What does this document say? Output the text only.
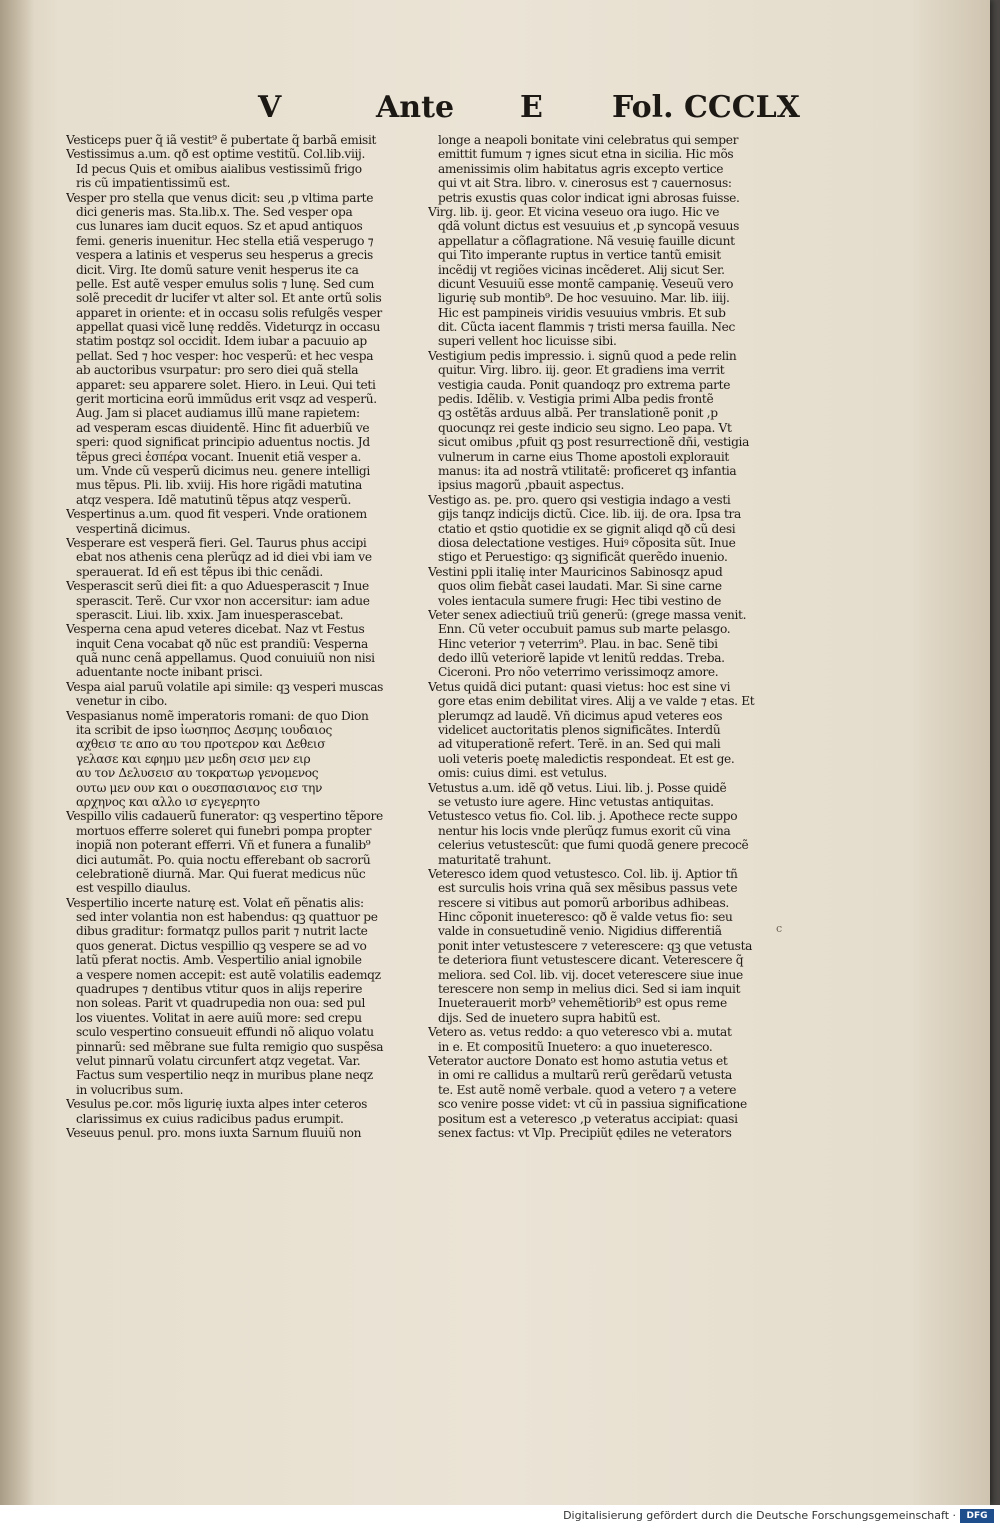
V	Ante E Fol. CCCLX
Vesticeps puer q̃ iã vestit⁹ ẽ pubertate q̃ barbã emisit
Vestissimus a.um. qð est optime vestitũ. Col.lib.viij.
Id pecus Quis et omibus aialibus vestissimũ frigo
ris cũ impatientissimũ est.
Vesper pro stella que venus dicit: seu ,p vltima parte
dici generis mas. Sta.lib.x. The. Sed vesper opa
cus lunares iam ducit equos. Sz et apud antiquos
femi. generis inuenitur. Hec stella etiã vesperugo ⁊
vespera a latinis et vesperus seu hesperus a grecis
dicit. Virg. Ite domũ sature venit hesperus ite ca
pelle. Est autẽ vesper emulus solis ⁊ lunę. Sed cum
solẽ precedit dr lucifer vt alter sol. Et ante ortũ solis
apparet in oriente: et in occasu solis refulgẽs vesper
appellat quasi vicẽ lunę reddẽs. Videturqz in occasu
statim postqz sol occidit. Idem iubar a pacuuio ap
pellat. Sed ⁊ hoc vesper: hoc vesperũ: et hec vespa
ab auctoribus vsurpatur: pro sero diei quã stella
apparet: seu apparere solet. Hiero. in Leui. Qui teti
gerit morticina eorũ immũdus erit vsqz ad vesperũ.
Aug. Jam si placet audiamus illũ mane rapietem:
ad vesperam escas diuidentẽ. Hinc fit aduerbiũ ve
speri: quod significat principio aduentus noctis. Jd
tẽpus greci ἑσπέρα vocant. Inuenit etiã vesper a.
um. Vnde cũ vesperũ dicimus neu. genere intelligi
mus tẽpus. Pli. lib. xviij. His hore rigãdi matutina
atqz vespera. Idẽ matutinũ tẽpus atqz vesperũ.
Vespertinus a.um. quod fit vesperi. Vnde orationem
vespertinã dicimus.
Vesperare est vesperã fieri. Gel. Taurus phus accipi
ebat nos athenis cena plerũqz ad id diei vbi iam ve
sperauerat. Id eñ est tẽpus ibi thic cenãdi.
Vesperascit serũ diei fit: a quo Aduesperascit ⁊ Inue
sperascit. Terẽ. Cur vxor non accersitur: iam adue
sperascit. Liui. lib. xxix. Jam inuesperascebat.
Vesperna cena apud veteres dicebat. Naz vt Festus
inquit Cena vocabat qð nũc est prandiũ: Vesperna
quã nunc cenã appellamus. Quod conuiuiũ non nisi
aduentante nocte inibant prisci.
Vespa aial paruũ volatile api simile: qꝫ vesperi muscas
venetur in cibo.
Vespasianus nomẽ imperatoris romani: de quo Dion
ita scribit de ipso ἰωσηπος Δεσμης ιουδαιος
αχθεισ τε απο αυ του προτερον και Δεθεισ
γελασε και εφημυ μεν μεδη σεισ μεν ειρ
αυ τον Δελυσεισ αυ τοκρατωρ γενομενος
ουτω μεν ουν και ο ουεσπασιανος εισ την
αρχηνος και αλλο ισ εγεγερητο
Vespillo vilis cadauerũ funerator: qꝫ vespertino tẽpore
mortuos efferre soleret qui funebri pompa propter
inopiã non poterant efferri. Vñ et funera a funalib⁹
dici autumãt. Po. quia noctu efferebant ob sacrorũ
celebrationẽ diurnã. Mar. Qui fuerat medicus nũc
est vespillo diaulus.
Vespertilio incerte naturę est. Volat eñ pẽnatis alis:
sed inter volantia non est habendus: qꝫ quattuor pe
dibus graditur: formatqz pullos parit ⁊ nutrit lacte
quos generat. Dictus vespillio qꝫ vespere se ad vo
latũ pferat noctis. Amb. Vespertilio anial ignobile
a vespere nomen accepit: est autẽ volatilis eademqz
quadrupes ⁊ dentibus vtitur quos in alijs reperire
non soleas. Parit vt quadrupedia non oua: sed pul
los viuentes. Volitat in aere auiũ more: sed crepu
sculo vespertino consueuit effundi nõ aliquo volatu
pinnarũ: sed mẽbrane sue fulta remigio quo suspẽsa
velut pinnarũ volatu circunfert atqz vegetat. Var.
Factus sum vespertilio neqz in muribus plane neqz
in volucribus sum.
Vesulus pe.cor. mõs ligurię iuxta alpes inter ceteros
clarissimus ex cuius radicibus padus erumpit.
Veseuus penul. pro. mons iuxta Sarnum fluuiũ non
longe a neapoli bonitate vini celebratus qui semper
emittit fumum ⁊ ignes sicut etna in sicilia. Hic mõs
amenissimis olim habitatus agris excepto vertice
qui vt ait Stra. libro. v. cinerosus est ⁊ cauernosus:
petris exustis quas color indicat igni abrosas fuisse.
Virg. lib. ij. geor. Et vicina veseuo ora iugo. Hic ve
qdã volunt dictus est vesuuius et ,p syncopã vesuus
appellatur a cõflagratione. Nã vesuię fauille dicunt
qui Tito imperante ruptus in vertice tantũ emisit
incẽdij vt regiões vicinas incẽderet. Alij sicut Ser.
dicunt Vesuuiũ esse montẽ campanię. Veseuũ vero
ligurię sub montib⁹. De hoc vesuuino. Mar. lib. iiij.
Hic est pampineis viridis vesuuius vmbris. Et sub
dit. Cũcta iacent flammis ⁊ tristi mersa fauilla. Nec
superi vellent hoc licuisse sibi.
Vestigium pedis impressio. i. signũ quod a pede relin
quitur. Virg. libro. iij. geor. Et gradiens ima verrit
vestigia cauda. Ponit quandoqz pro extrema parte
pedis. Idẽlib. v. Vestigia primi Alba pedis frontẽ
qꝫ ostẽtãs arduus albã. Per translationẽ ponit ,p
quocunqz rei geste indicio seu signo. Leo papa. Vt
sicut omibus ,pfuit qꝫ post resurrectionẽ dñi, vestigia
vulnerum in carne eius Thome apostoli explorauit
manus: ita ad nostrã vtilitatẽ: proficeret qꝫ infantia
ipsius magorũ ,pbauit aspectus.
Vestigo as. pe. pro. quero qsi vestigia indago a vesti
gijs tanqz indicijs dictũ. Cice. lib. iij. de ora. Ipsa tra
ctatio et qstio quotidie ex se gignit aliqd qð cũ desi
diosa delectatione vestiges. Huiꝰ cõposita sũt. Inue
stigo et Peruestigo: qꝫ significãt querẽdo inuenio.
Vestini ppli italię inter Mauricinos Sabinosqz apud
quos olim fiebãt casei laudati. Mar. Si sine carne
voles ientacula sumere frugi: Hec tibi vestino de
Veter senex adiectiuũ triũ generũ: (grege massa venit.
Enn. Cũ veter occubuit pamus sub marte pelasgo.
Hinc veterior ⁊ veterrim⁹. Plau. in bac. Senẽ tibi
dedo illũ veteriorẽ lapide vt lenitũ reddas. Treba.
Ciceroni. Pro nõo veterrimo verissimoqz amore.
Vetus quidã dici putant: quasi vietus: hoc est sine vi
gore etas enim debilitat vires. Alij a ve valde ⁊ etas. Et
plerumqz ad laudẽ. Vñ dicimus apud veteres eos
videlicet auctoritatis plenos significãtes. Interdũ
ad vituperationẽ refert. Terẽ. in an. Sed qui mali
uoli veteris poetę maledictis respondeat. Et est ge.
omis: cuius dimi. est vetulus.
Vetustus a.um. idẽ qð vetus. Liui. lib. j. Posse quidẽ
se vetusto iure agere. Hinc vetustas antiquitas.
Vetustesco vetus fio. Col. lib. j. Apothece recte suppo
nentur his locis vnde plerũqz fumus exorit cũ vina
celerius vetustescũt: que fumi quodã genere precocẽ
maturitatẽ trahunt.
Veteresco idem quod vetustesco. Col. lib. ij. Aptior tñ
est surculis hois vrina quã sex mẽsibus passus vete
rescere si vitibus aut pomorũ arboribus adhibeas.
Hinc cõponit inueteresco: qð ẽ valde vetus fio: seu
valde in consuetudinẽ venio. Nigidius differentiã
ponit inter vetustescere ⁊ veterescere: qꝫ que vetusta
te deteriora fiunt vetustescere dicant. Veterescere q̃
meliora. sed Col. lib. vij. docet veterescere siue inue
terescere non semp in melius dici. Sed si iam inquit
Inueterauerit morb⁹ vehemẽtiorib⁹ est opus reme
dijs. Sed de inuetero supra habitũ est.
Vetero as. vetus reddo: a quo veteresco vbi a. mutat
in e. Et compositũ Inuetero: a quo inueteresco.
Veterator auctore Donato est homo astutia vetus et
in omi re callidus a multarũ rerũ gerẽdarũ vetusta
te. Est autẽ nomẽ verbale. quod a vetero ⁊ a vetere
sco venire posse videt: vt cũ in passiua significatione
positum est a veteresco ,p veteratus accipiat: quasi
senex factus: vt Vlp. Precipiũt ędiles ne veterators
c
Digitalisierung gefördert durch die Deutsche Forschungsgemeinschaft ·	DFG
